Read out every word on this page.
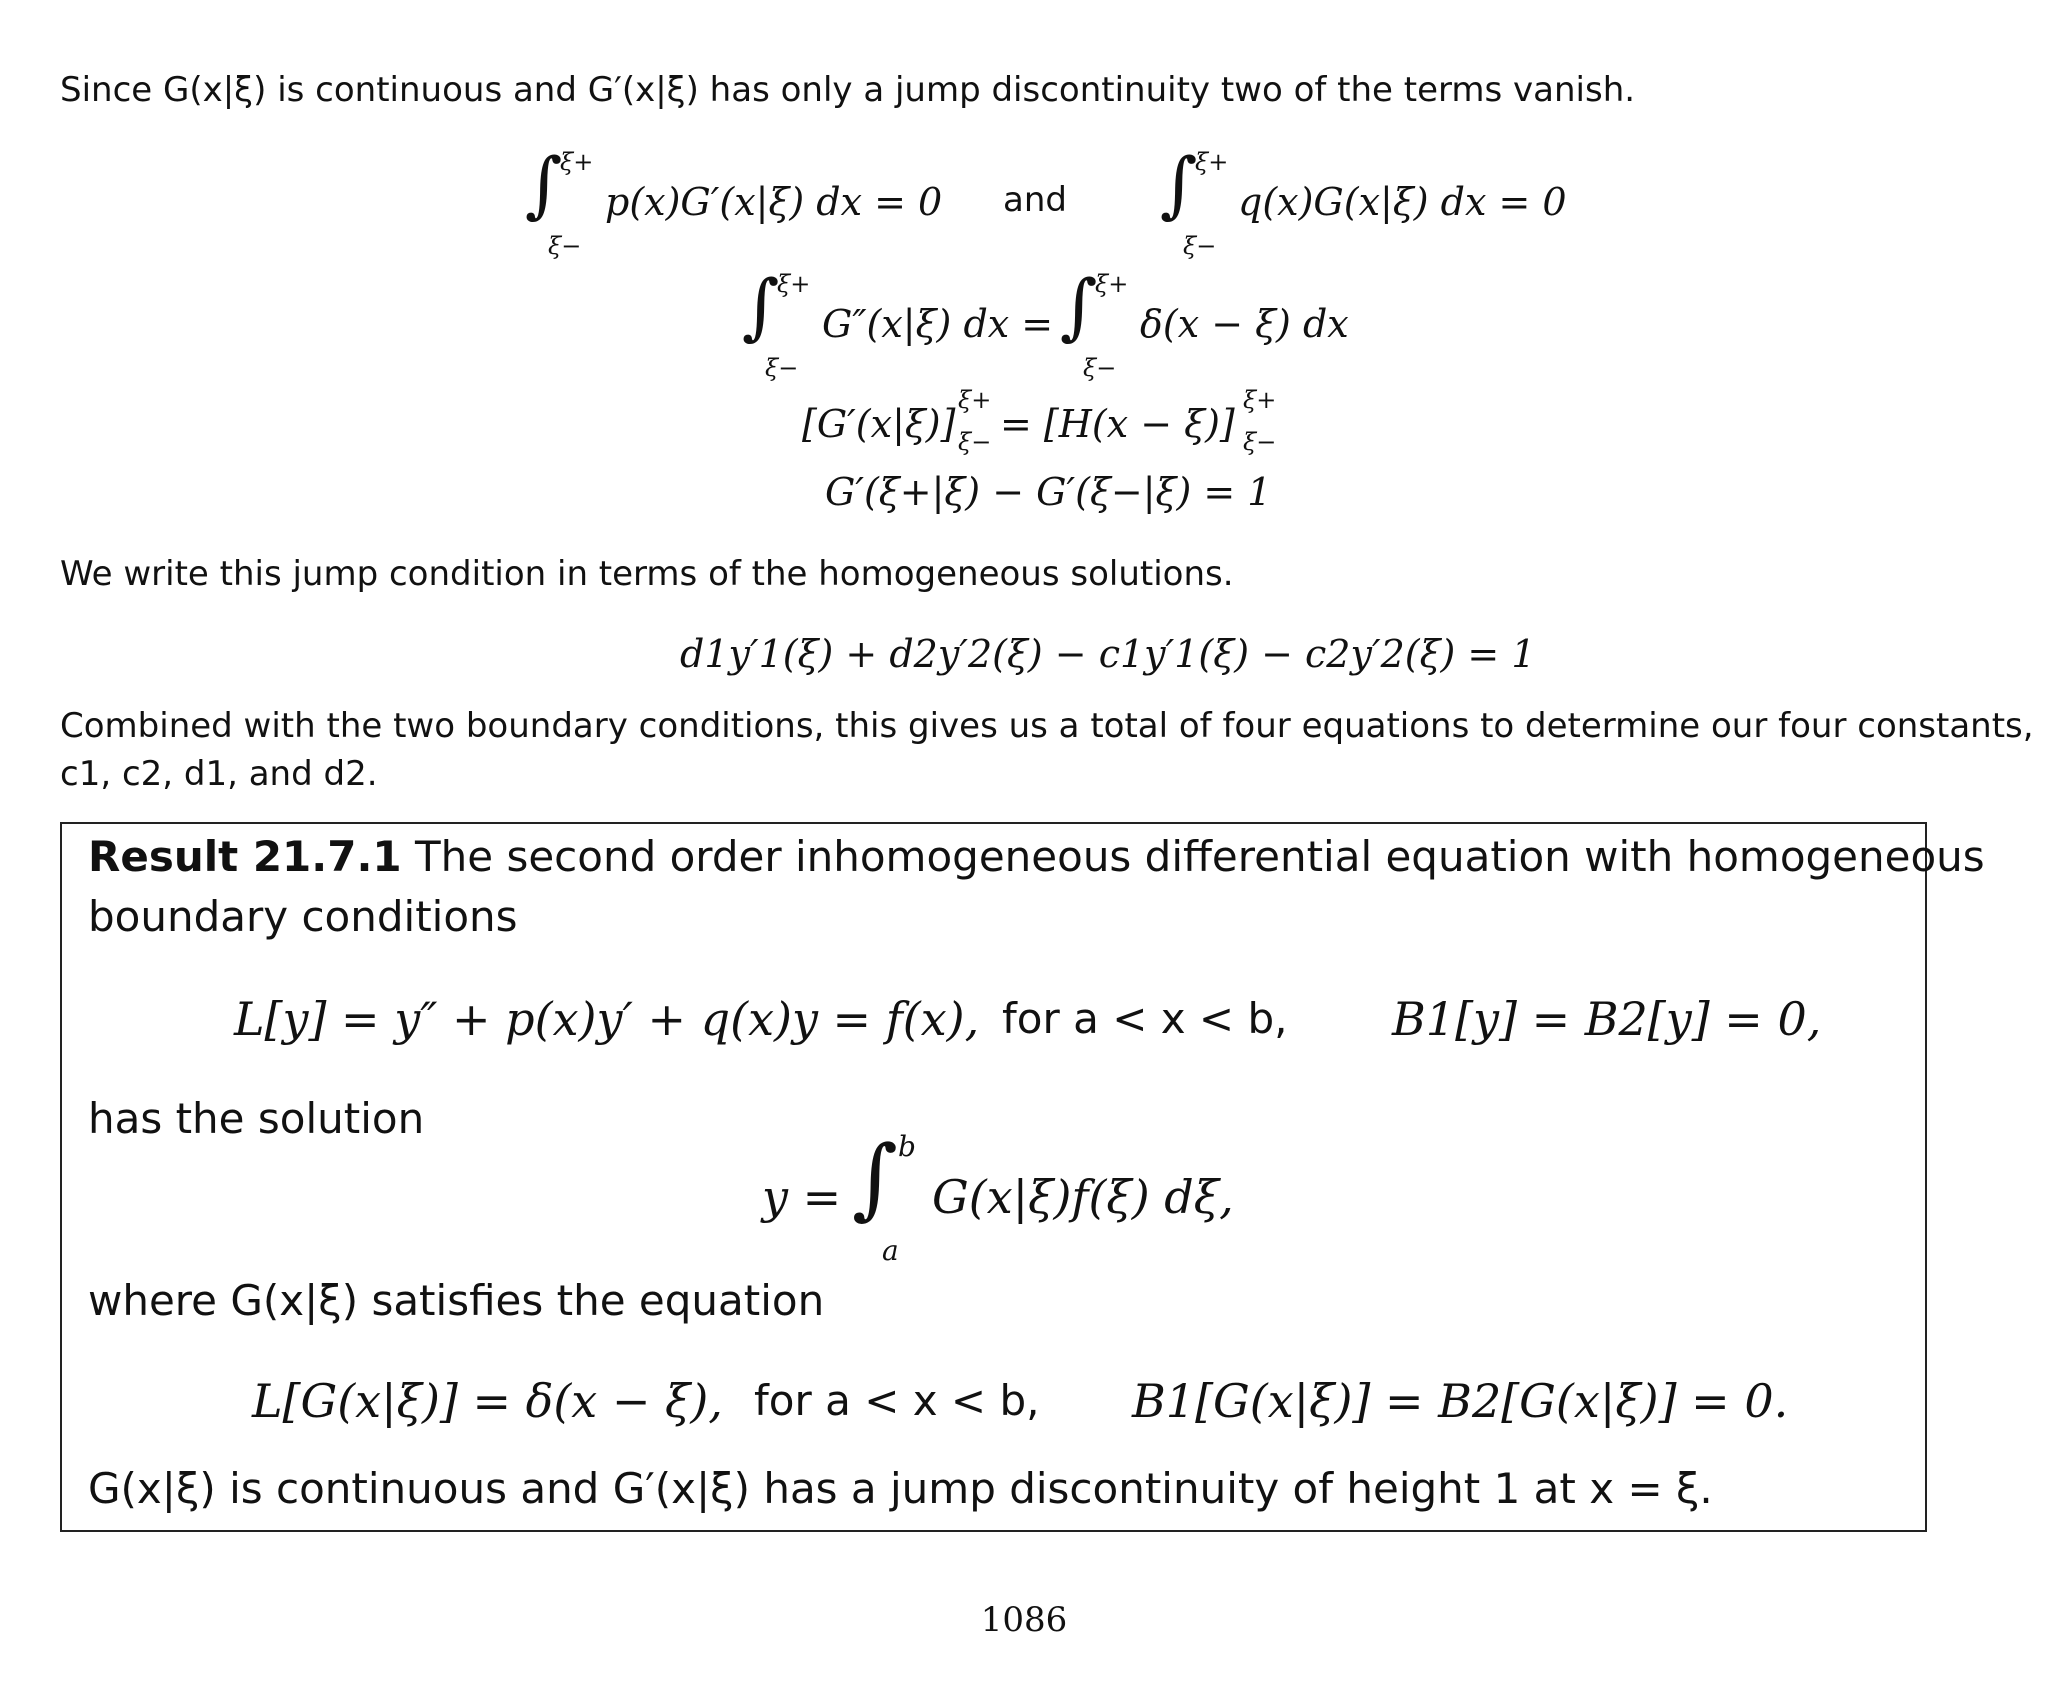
Since G(x|ξ) is continuous and G′(x|ξ) has only a jump discontinuity two of the terms vanish.
∫
ξ+
ξ−
p(x)G′(x|ξ) dx = 0 and ∫
ξ+
ξ−
q(x)G(x|ξ) dx = 0
∫
ξ+
ξ−
G″(x|ξ) dx = ∫
ξ+
ξ−
δ(x − ξ) dx
[G′(x|ξ)]
ξ+
ξ− = [H(x − ξ)]
ξ+
ξ−
G′(ξ+|ξ) − G′(ξ−|ξ) = 1
We write this jump condition in terms of the homogeneous solutions.
d1y′1(ξ) + d2y′2(ξ) − c1y′1(ξ) − c2y′2(ξ) = 1
Combined with the two boundary conditions, this gives us a total of four equations to determine our four constants,
c1, c2, d1, and d2.
Result 21.7.1 The second order inhomogeneous differential equation with homogeneous
boundary conditions
L[y] = y″ + p(x)y′ + q(x)y = f(x), for a < x < b, B1[y] = B2[y] = 0,
has the solution
y = ∫ b
a
G(x|ξ)f(ξ) dξ,
where G(x|ξ) satisfies the equation
L[G(x|ξ)] = δ(x − ξ), for a < x < b, B1[G(x|ξ)] = B2[G(x|ξ)] = 0.
G(x|ξ) is continuous and G′(x|ξ) has a jump discontinuity of height 1 at x = ξ.
1086
